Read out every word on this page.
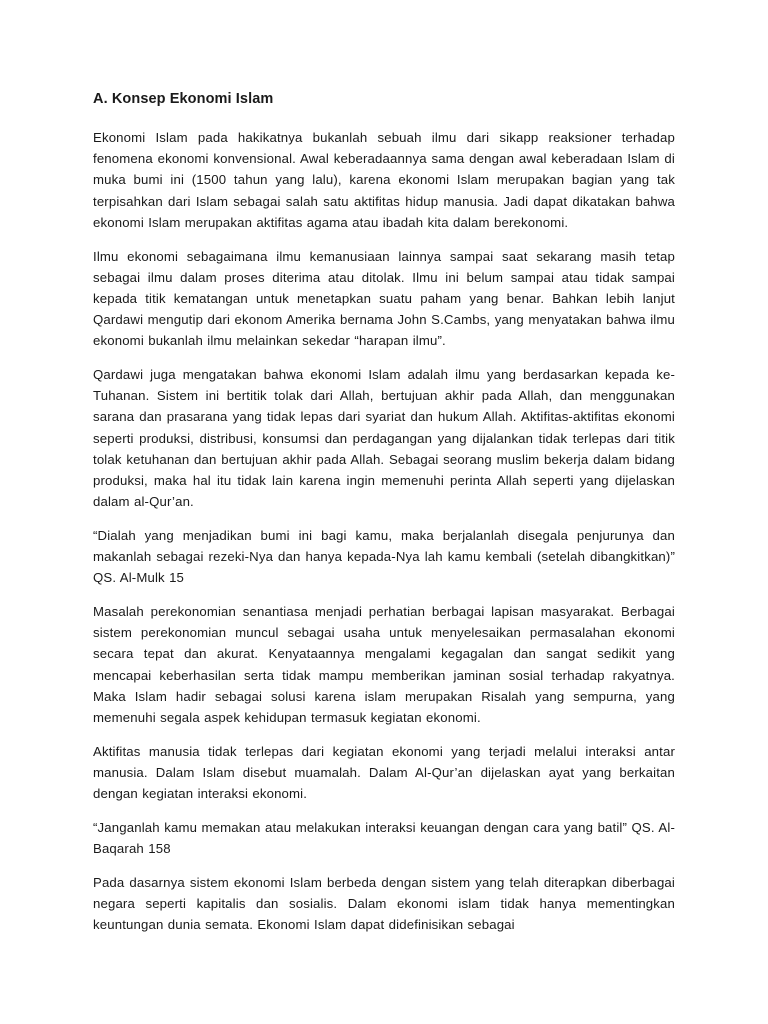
A. Konsep Ekonomi Islam

Ekonomi Islam pada hakikatnya bukanlah sebuah ilmu dari sikapp reaksioner terhadap fenomena ekonomi konvensional. Awal keberadaannya sama dengan awal keberadaan Islam di muka bumi ini (1500 tahun yang lalu), karena ekonomi Islam merupakan bagian yang tak terpisahkan dari Islam sebagai salah satu aktifitas hidup manusia. Jadi dapat dikatakan bahwa ekonomi Islam merupakan aktifitas agama atau ibadah kita dalam berekonomi.

Ilmu ekonomi sebagaimana ilmu kemanusiaan lainnya sampai saat sekarang masih tetap sebagai ilmu dalam proses diterima atau ditolak. Ilmu ini belum sampai atau tidak sampai kepada titik kematangan untuk menetapkan suatu paham yang benar. Bahkan lebih lanjut Qardawi mengutip dari ekonom Amerika bernama John S.Cambs, yang menyatakan bahwa ilmu ekonomi bukanlah ilmu melainkan sekedar “harapan ilmu”.

Qardawi juga mengatakan bahwa ekonomi Islam adalah ilmu yang berdasarkan kepada ke-Tuhanan. Sistem ini bertitik tolak dari Allah, bertujuan akhir pada Allah, dan menggunakan sarana dan prasarana yang tidak lepas dari syariat dan hukum Allah. Aktifitas-aktifitas ekonomi seperti produksi, distribusi, konsumsi dan perdagangan yang dijalankan tidak terlepas dari titik tolak ketuhanan dan bertujuan akhir pada Allah. Sebagai seorang muslim bekerja dalam bidang produksi, maka hal itu tidak lain karena ingin memenuhi perinta Allah seperti yang dijelaskan dalam al-Qur’an.

“Dialah yang menjadikan bumi ini bagi kamu, maka berjalanlah disegala penjurunya dan makanlah sebagai rezeki-Nya dan hanya kepada-Nya lah kamu kembali (setelah dibangkitkan)” QS. Al-Mulk 15

Masalah perekonomian senantiasa menjadi perhatian berbagai lapisan masyarakat. Berbagai sistem perekonomian muncul sebagai usaha untuk menyelesaikan permasalahan ekonomi secara tepat dan akurat. Kenyataannya mengalami kegagalan dan sangat sedikit yang mencapai keberhasilan serta tidak mampu memberikan jaminan sosial terhadap rakyatnya. Maka Islam hadir sebagai solusi karena islam merupakan Risalah yang sempurna, yang memenuhi segala aspek kehidupan termasuk kegiatan ekonomi.

Aktifitas manusia tidak terlepas dari kegiatan ekonomi yang terjadi melalui interaksi antar manusia. Dalam Islam disebut muamalah. Dalam Al-Qur’an dijelaskan ayat yang berkaitan dengan kegiatan interaksi ekonomi.

“Janganlah kamu memakan atau melakukan interaksi keuangan dengan cara yang batil” QS. Al-Baqarah 158

Pada dasarnya sistem ekonomi Islam berbeda dengan sistem yang telah diterapkan diberbagai negara seperti kapitalis dan sosialis. Dalam ekonomi islam tidak hanya mementingkan keuntungan dunia semata. Ekonomi Islam dapat didefinisikan sebagai
